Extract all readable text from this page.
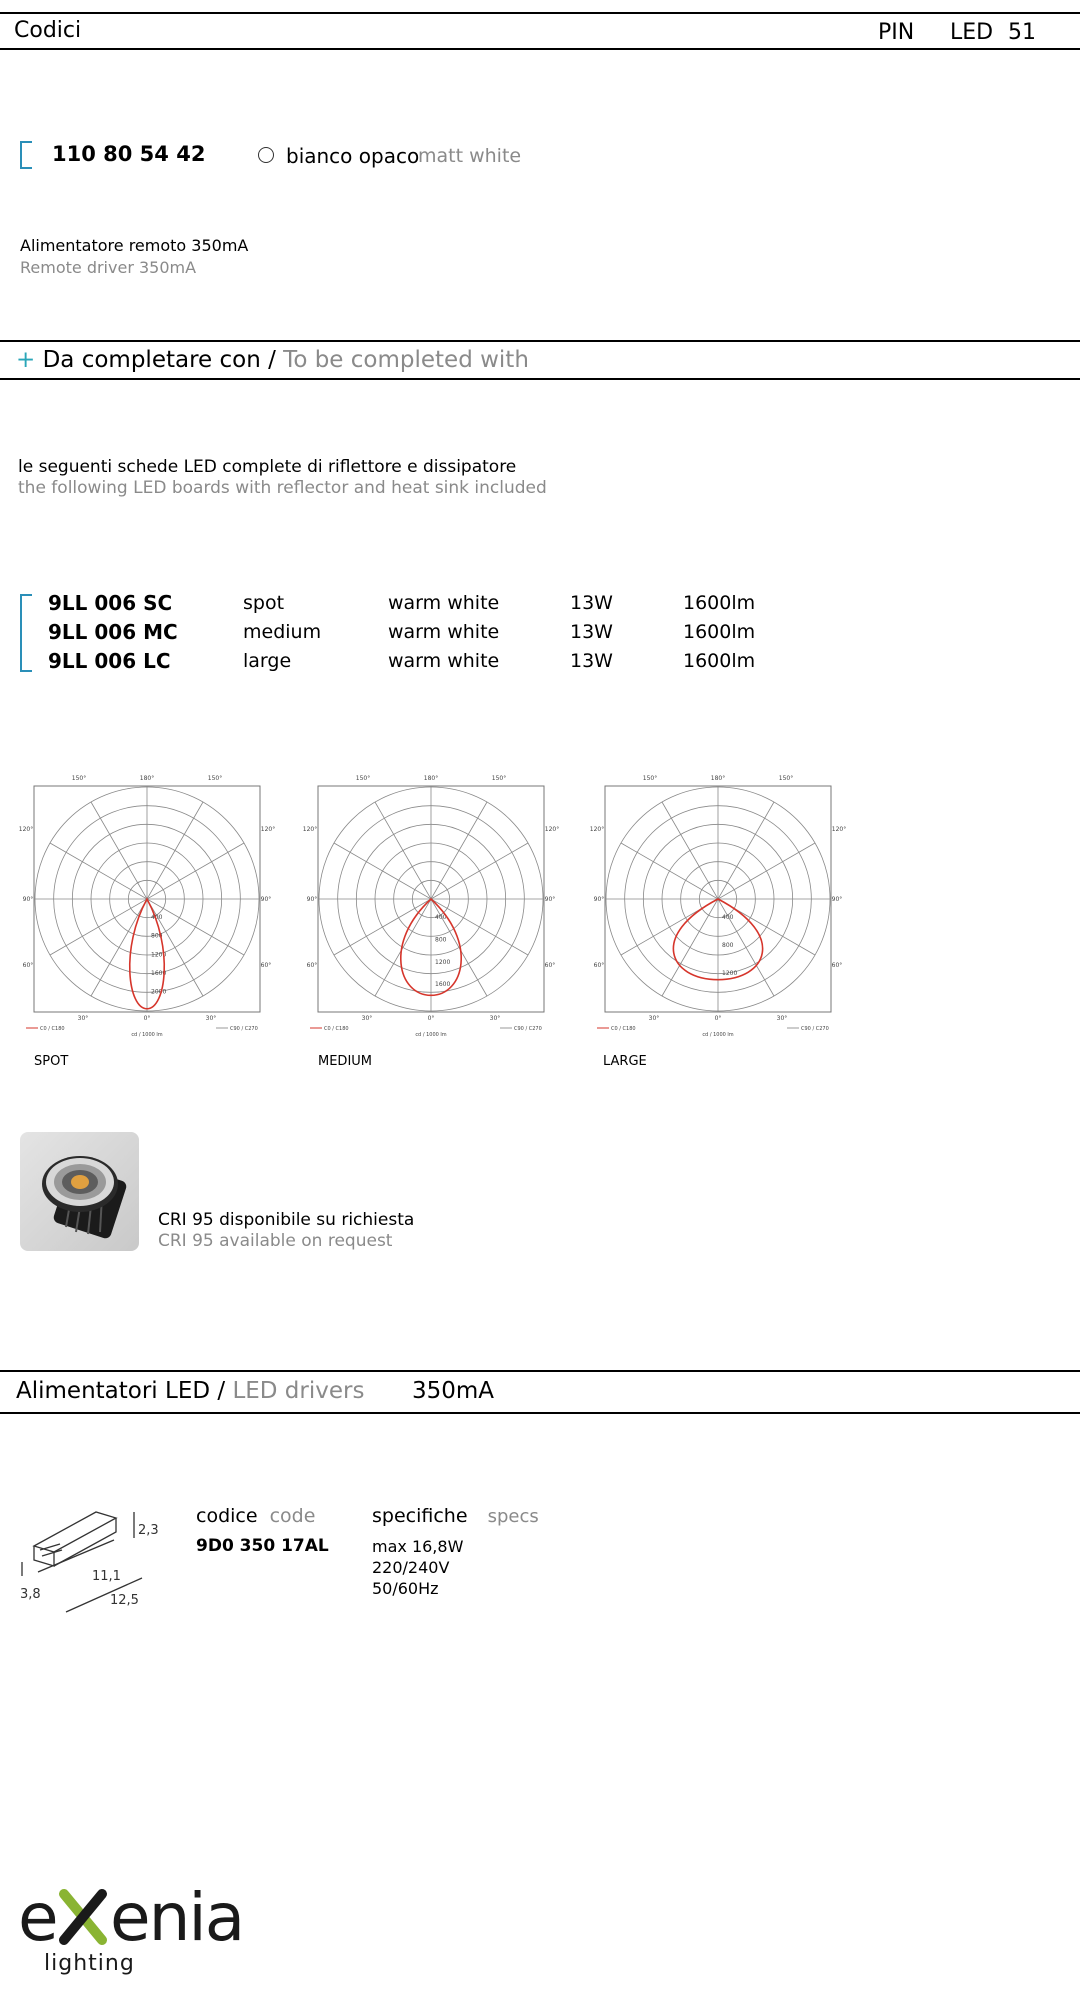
Codici	PIN LED 51
110 80 54 42	bianco opaco
matt white
Alimentatore remoto 350mA
Remote driver 350mA
+ Da completare con / To be completed with
le seguenti schede LED complete di riflettore e dissipatore
the following LED boards with reflector and heat sink included
9LL 006 SC	spot	warm white	13W	1600lm
9LL 006 MC	medium	warm white	13W	1600lm
9LL 006 LC	large	warm white	13W	1600lm
150°	180°	150°
120°	120°
90°	90°
60°	60°
30°	0°	30°
400
800
1200
1600
2000
C0 / C180	C90 / C270
cd / 1000 lm
150°	180°	150°
120°	120°
90°	90°
60°	60°
30°	0°	30°
400
800
1200
1600
C0 / C180	C90 / C270
cd / 1000 lm
150°	180°	150°
120°	120°
90°	90°
60°	60°
30°	0°	30°
400
800
1200
C0 / C180	C90 / C270
cd / 1000 lm
SPOT	MEDIUM	LARGE
CRI 95 disponibile su richiesta
CRI 95 available on request
Alimentatori LED / LED drivers 350mA
2,3
3,8
11,1
12,5
codice code
9D0 350 17AL
specifiche specs
max 16,8W
220/240V
50/60Hz
e enia
lighting
